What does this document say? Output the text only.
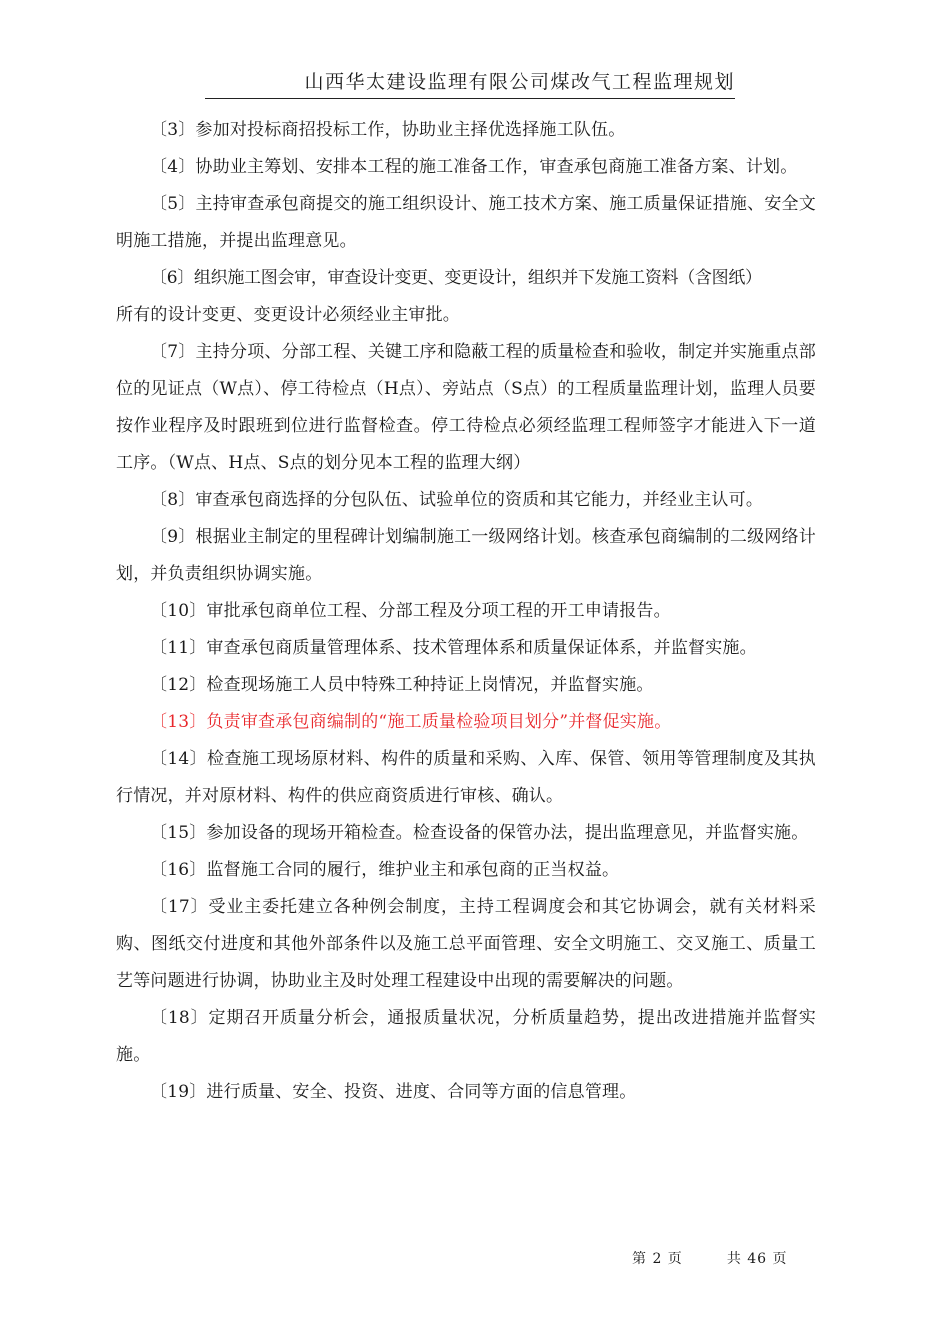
山西华太建设监理有限公司煤改气工程监理规划

〔3〕参加对投标商招投标工作，协助业主择优选择施工队伍。

〔4〕协助业主筹划、安排本工程的施工准备工作，审查承包商施工准备方案、计划。

〔5〕主持审查承包商提交的施工组织设计、施工技术方案、施工质量保证措施、安全文明施工措施，并提出监理意见。

〔6〕组织施工图会审，审查设计变更、变更设计，组织并下发施工资料（含图纸）

所有的设计变更、变更设计必须经业主审批。

〔7〕主持分项、分部工程、关键工序和隐蔽工程的质量检查和验收，制定并实施重点部位的见证点（W点）、停工待检点（H点）、旁站点（S点）的工程质量监理计划，监理人员要按作业程序及时跟班到位进行监督检查。停工待检点必须经监理工程师签字才能进入下一道工序。（W点、H点、S点的划分见本工程的监理大纲）

〔8〕审查承包商选择的分包队伍、试验单位的资质和其它能力，并经业主认可。

〔9〕根据业主制定的里程碑计划编制施工一级网络计划。核查承包商编制的二级网络计划，并负责组织协调实施。

〔10〕审批承包商单位工程、分部工程及分项工程的开工申请报告。

〔11〕审查承包商质量管理体系、技术管理体系和质量保证体系，并监督实施。

〔12〕检查现场施工人员中特殊工种持证上岗情况，并监督实施。

〔13〕负责审查承包商编制的“施工质量检验项目划分”并督促实施。

〔14〕检查施工现场原材料、构件的质量和采购、入库、保管、领用等管理制度及其执行情况，并对原材料、构件的供应商资质进行审核、确认。

〔15〕参加设备的现场开箱检查。检查设备的保管办法，提出监理意见，并监督实施。

〔16〕监督施工合同的履行，维护业主和承包商的正当权益。

〔17〕受业主委托建立各种例会制度，主持工程调度会和其它协调会，就有关材料采购、图纸交付进度和其他外部条件以及施工总平面管理、安全文明施工、交叉施工、质量工艺等问题进行协调，协助业主及时处理工程建设中出现的需要解决的问题。

〔18〕定期召开质量分析会，通报质量状况，分析质量趋势，提出改进措施并监督实施。

〔19〕进行质量、安全、投资、进度、合同等方面的信息管理。

第 2 页	共 46 页
